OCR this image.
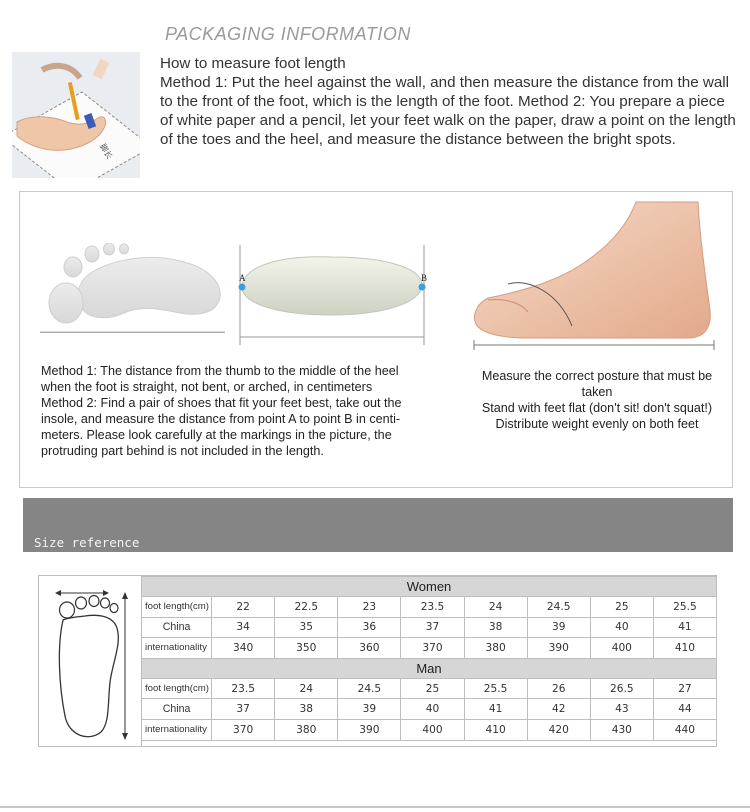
PACKAGING INFORMATION
脚长

How to measure foot length

Method 1: Put the heel against the wall, and then measure the distance from the wall to the front of the foot, which is the length of the foot. Method 2: You prepare a piece of white paper and a pencil, let your feet walk on the paper, draw a point on the length of the toes and the heel, and measure the distance between the bright spots.

A	B

Method 1: The distance from the thumb to the middle of the heel when the foot is straight, not bent, or arched, in centimeters

Method 2: Find a pair of shoes that fit your feet best, take out the insole, and measure the distance from point A to point B in centi-meters. Please look carefully at the markings in the picture, the protruding part behind is not included in the length.

Measure the correct posture that must be taken

Stand with feet flat (don't sit! don't squat!)

Distribute weight evenly on both feet

Size reference
Women								
foot length(cm)	22	22.5	23	23.5	24	24.5	25	25.5
China	34	35	36	37	38	39	40	41
internationality	340	350	360	370	380	390	400	410
Man								
foot length(cm)	23.5	24	24.5	25	25.5	26	26.5	27
China	37	38	39	40	41	42	43	44
internationality	370	380	390	400	410	420	430	440
